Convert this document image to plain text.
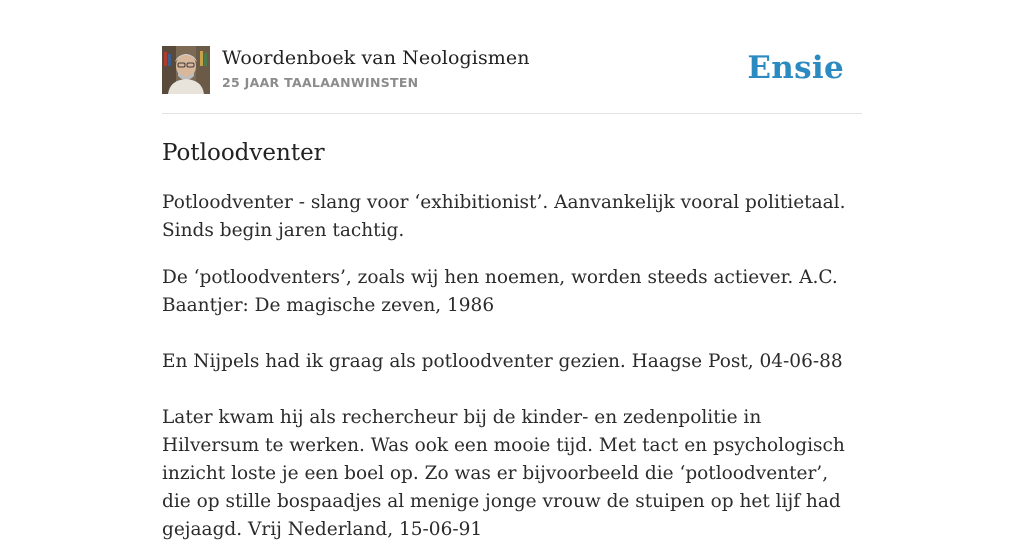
Woordenboek van Neologismen
25 JAAR TAALAANWINSTEN	Ensie
Potloodventer

Potloodventer - slang voor ‘exhibitionist’. Aanvankelijk vooral politietaal. Sinds begin jaren tachtig.

De ‘potloodventers’, zoals wij hen noemen, worden steeds actiever. A.C. Baantjer: De magische zeven, 1986

En Nijpels had ik graag als potloodventer gezien. Haagse Post, 04-06-88

Later kwam hij als rechercheur bij de kinder- en zedenpolitie in Hilversum te werken. Was ook een mooie tijd. Met tact en psychologisch inzicht loste je een boel op. Zo was er bijvoorbeeld die ‘potloodventer’, die op stille bospaadjes al menige jonge vrouw de stuipen op het lijf had gejaagd. Vrij Nederland, 15-06-91
